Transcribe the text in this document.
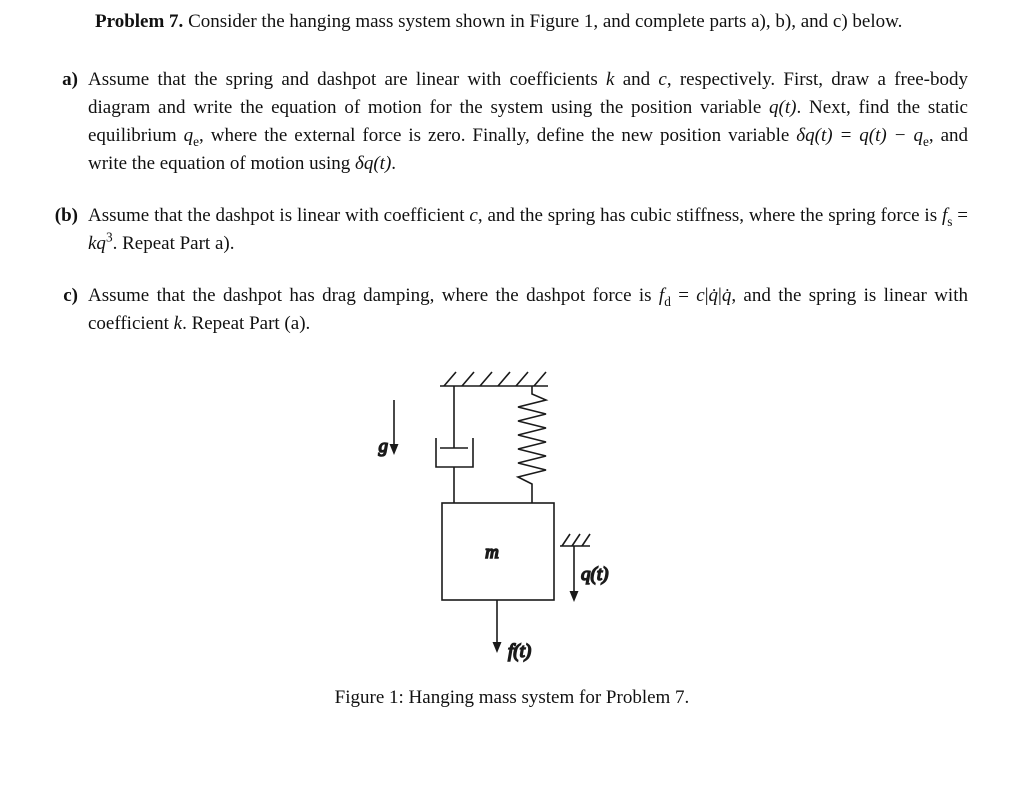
Problem 7. Consider the hanging mass system shown in Figure 1, and complete parts a), b), and c) below.

a) Assume that the spring and dashpot are linear with coefficients k and c, respectively. First, draw a free-body diagram and write the equation of motion for the system using the position variable q(t). Next, find the static equilibrium $q_e$, where the external force is zero. Finally, define the new position variable $\delta q(t) = q(t) - q_e$, and write the equation of motion using δq(t).

(b) Assume that the dashpot is linear with coefficient c, and the spring has cubic stiffness, where the spring force is $f_s = kq^3$. Repeat Part a).

c) Assume that the dashpot has drag damping, where the dashpot force is $f_d$ = c|q̇|q̇, and the spring is linear with coefficient k. Repeat Part (a).

g
m
q(t)
f(t)
Figure 1: Hanging mass system for Problem 7.
